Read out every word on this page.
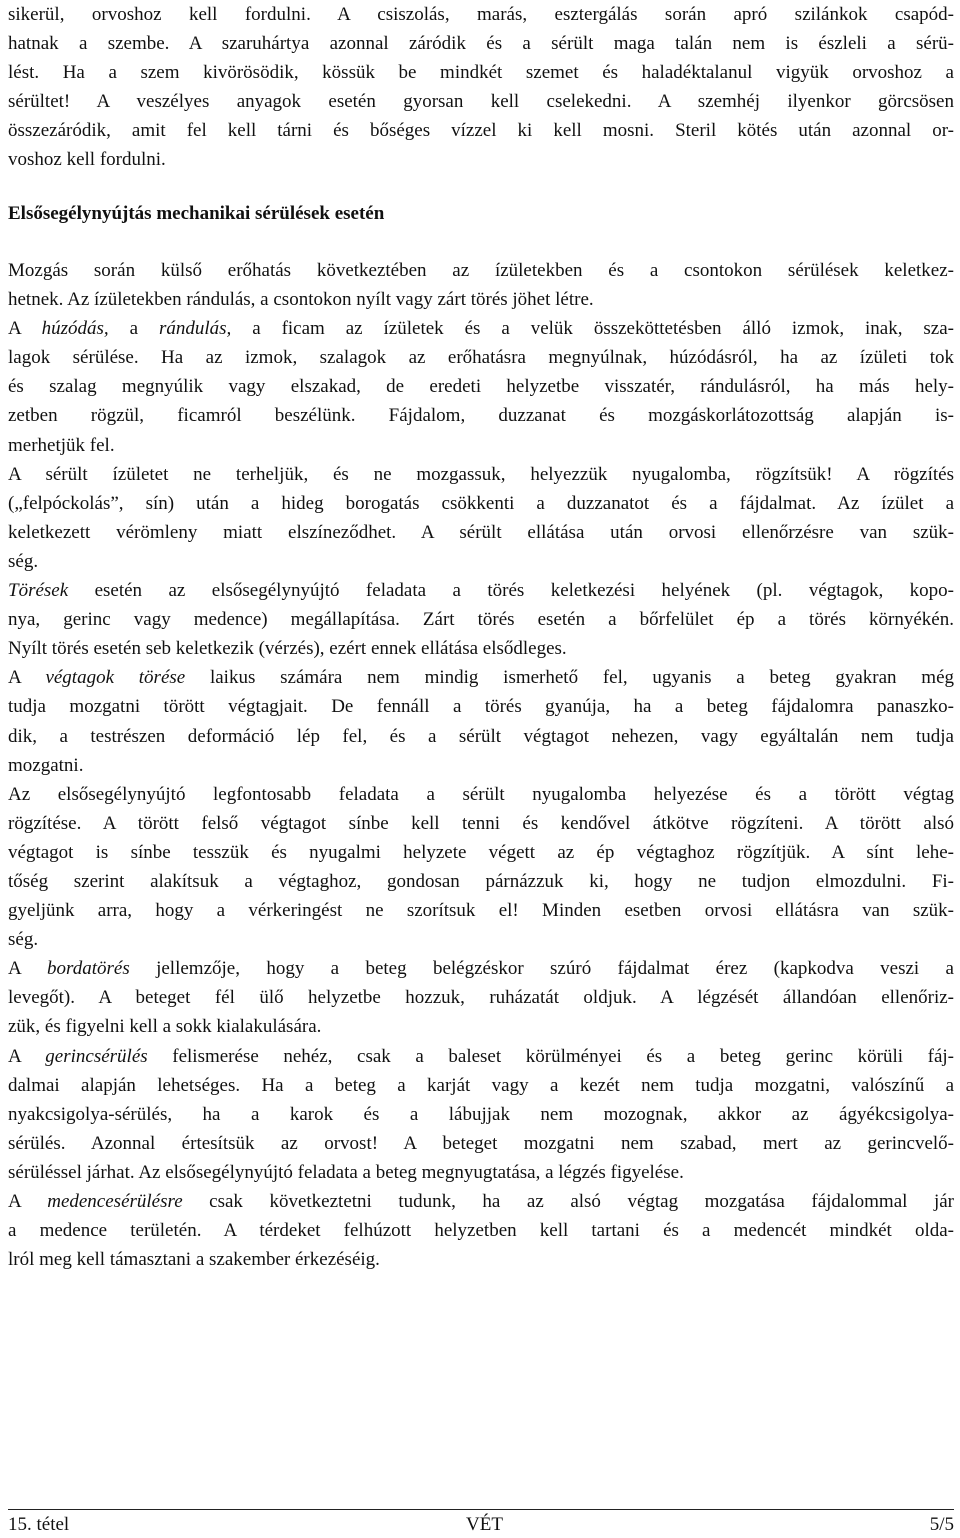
sikerül, orvoshoz kell fordulni. A csiszolás, marás, esztergálás során apró szilánkok csapód-
hatnak a szembe. A szaruhártya azonnal záródik és a sérült maga talán nem is észleli a sérü-
lést. Ha a szem kivörösödik, kössük be mindkét szemet és haladéktalanul vigyük orvoshoz a
sérültet! A veszélyes anyagok esetén gyorsan kell cselekedni. A szemhéj ilyenkor görcsösen
összezáródik, amit fel kell tárni és bőséges vízzel ki kell mosni. Steril kötés után azonnal or-
voshoz kell fordulni.

Elsősegélynyújtás mechanikai sérülések esetén

Mozgás során külső erőhatás következtében az ízületekben és a csontokon sérülések keletkez-
hetnek. Az ízületekben rándulás, a csontokon nyílt vagy zárt törés jöhet létre.

A húzódás, a rándulás, a ficam az ízületek és a velük összeköttetésben álló izmok, inak, sza-
lagok sérülése. Ha az izmok, szalagok az erőhatásra megnyúlnak, húzódásról, ha az ízületi tok
és szalag megnyúlik vagy elszakad, de eredeti helyzetbe visszatér, rándulásról, ha más hely-
zetben rögzül, ficamról beszélünk. Fájdalom, duzzanat és mozgáskorlátozottság alapján is-
merhetjük fel.

A sérült ízületet ne terheljük, és ne mozgassuk, helyezzük nyugalomba, rögzítsük! A rögzítés
(„felpóckolás”, sín) után a hideg borogatás csökkenti a duzzanatot és a fájdalmat. Az ízület a
keletkezett vérömleny miatt elszíneződhet. A sérült ellátása után orvosi ellenőrzésre van szük-
ség.

Törések esetén az elsősegélynyújtó feladata a törés keletkezési helyének (pl. végtagok, kopo-
nya, gerinc vagy medence) megállapítása. Zárt törés esetén a bőrfelület ép a törés környékén.
Nyílt törés esetén seb keletkezik (vérzés), ezért ennek ellátása elsődleges.

A végtagok törése laikus számára nem mindig ismerhető fel, ugyanis a beteg gyakran még
tudja mozgatni törött végtagjait. De fennáll a törés gyanúja, ha a beteg fájdalomra panaszko-
dik, a testrészen deformáció lép fel, és a sérült végtagot nehezen, vagy egyáltalán nem tudja
mozgatni.

Az elsősegélynyújtó legfontosabb feladata a sérült nyugalomba helyezése és a törött végtag
rögzítése. A törött felső végtagot sínbe kell tenni és kendővel átkötve rögzíteni. A törött alsó
végtagot is sínbe tesszük és nyugalmi helyzete végett az ép végtaghoz rögzítjük. A sínt lehe-
tőség szerint alakítsuk a végtaghoz, gondosan párnázzuk ki, hogy ne tudjon elmozdulni. Fi-
gyeljünk arra, hogy a vérkeringést ne szorítsuk el! Minden esetben orvosi ellátásra van szük-
ség.

A bordatörés jellemzője, hogy a beteg belégzéskor szúró fájdalmat érez (kapkodva veszi a
levegőt). A beteget fél ülő helyzetbe hozzuk, ruházatát oldjuk. A légzését állandóan ellenőriz-
zük, és figyelni kell a sokk kialakulására.

A gerincsérülés felismerése nehéz, csak a baleset körülményei és a beteg gerinc körüli fáj-
dalmai alapján lehetséges. Ha a beteg a karját vagy a kezét nem tudja mozgatni, valószínű a
nyakcsigolya-sérülés, ha a karok és a lábujjak nem mozognak, akkor az ágyékcsigolya-
sérülés. Azonnal értesítsük az orvost! A beteget mozgatni nem szabad, mert az gerincvelő-
sérüléssel járhat. Az elsősegélynyújtó feladata a beteg megnyugtatása, a légzés figyelése.

A medencesérülésre csak következtetni tudunk, ha az alsó végtag mozgatása fájdalommal jár
a medence területén. A térdeket felhúzott helyzetben kell tartani és a medencét mindkét olda-
lról meg kell támasztani a szakember érkezéséig.

15. tétel	VÉT	5/5
